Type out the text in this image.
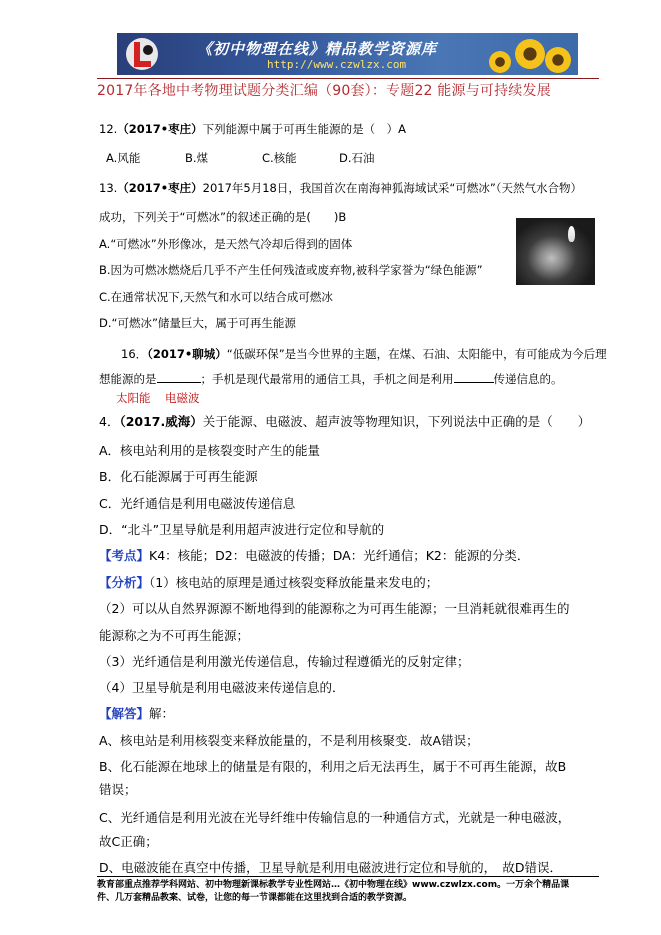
《初中物理在线》精品教学资源库
http://www.czwlzx.com
2017年各地中考物理试题分类汇编（90套）：专题22 能源与可持续发展
12.（2017•枣庄）下列能源中属于可再生能源的是（　）A
A.风能	B.煤	C.核能	D.石油
13.（2017•枣庄）2017年5月18日，我国首次在南海神狐海域试采“可燃冰”（天然气水合物）
成功，下列关于“可燃冰”的叙述正确的是(　　)B
A.“可燃冰”外形像冰，是天然气冷却后得到的固体
B.因为可燃冰燃烧后几乎不产生任何残渣或废弃物,被科学家誉为“绿色能源”
C.在通常状况下,天然气和水可以结合成可燃冰
D.“可燃冰”储量巨大，属于可再生能源
16．（2017•聊城）“低碳环保”是当今世界的主题，在煤、石油、太阳能中，有可能成为今后理
想能源的是	；手机是现代最常用的通信工具，手机之间是利用	传递信息的。
太阳能 电磁波
4．（2017.威海）关于能源、电磁波、超声波等物理知识，下列说法中正确的是（　　）
A．核电站利用的是核裂变时产生的能量
B．化石能源属于可再生能源
C．光纤通信是利用电磁波传递信息
D．“北斗”卫星导航是利用超声波进行定位和导航的
【考点】K4：核能；D2：电磁波的传播；DA：光纤通信；K2：能源的分类．
【分析】（1）核电站的原理是通过核裂变释放能量来发电的；
（2）可以从自然界源源不断地得到的能源称之为可再生能源；一旦消耗就很难再生的
能源称之为不可再生能源；
（3）光纤通信是利用激光传递信息，传输过程遵循光的反射定律；
（4）卫星导航是利用电磁波来传递信息的．
【解答】解：
A、核电站是利用核裂变来释放能量的，不是利用核聚变．故A错误；
B、化石能源在地球上的储量是有限的，利用之后无法再生，属于不可再生能源，故B
错误；
C、光纤通信是利用光波在光导纤维中传输信息的一种通信方式，光就是一种电磁波，
故C正确；
D、电磁波能在真空中传播，卫星导航是利用电磁波进行定位和导航的，　故D错误．
教育部重点推荐学科网站、初中物理新课标教学专业性网站…《初中物理在线》www.czwlzx.com。一万余个精品课
件、几万套精品教案、试卷，让您的每一节课都能在这里找到合适的教学资源。
